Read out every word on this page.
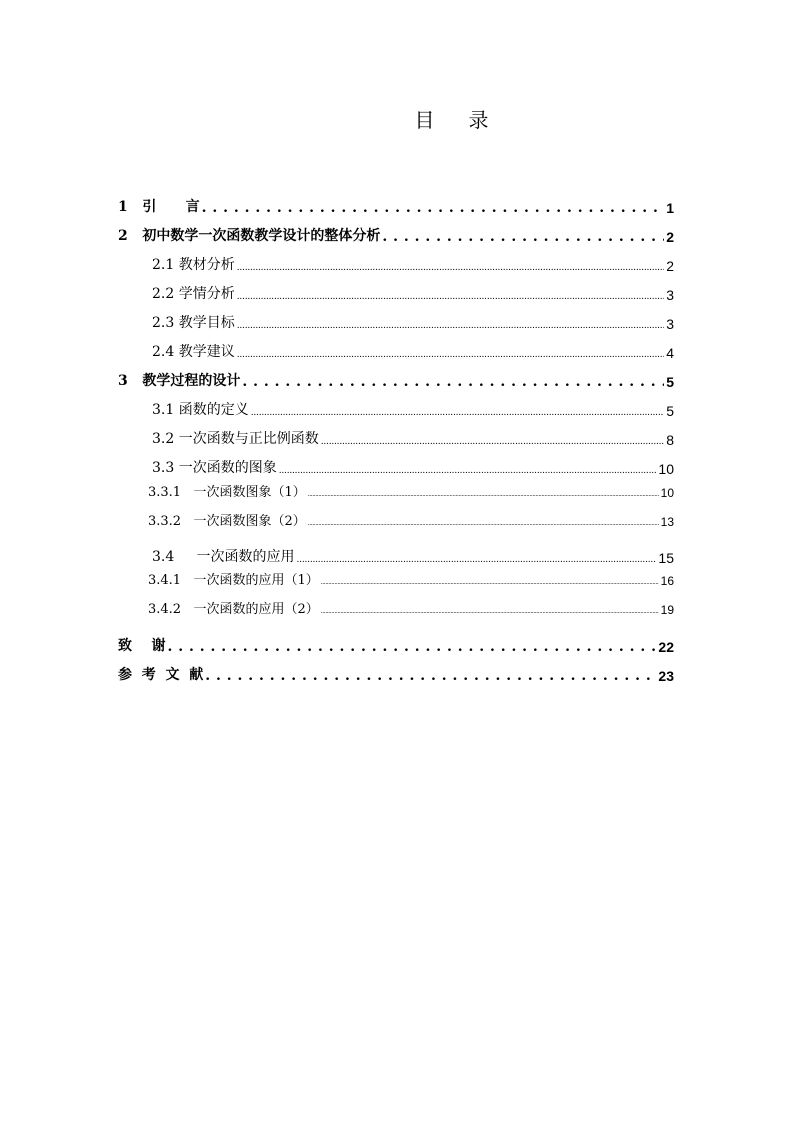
目 录
1   引      言 . . .	1
2   初中数学一次函数教学设计的整体分析 . . .	2
2.1 教材分析 .....	2
2.2 学情分析 .....	3
2.3 教学目标 .....	3
2.4 教学建议 .....	4
3   教学过程的设计 . . .	5
3.1 函数的定义 .....	5
3.2 一次函数与正比例函数 .....	8
3.3 一次函数的图象 .....	10
3.3.1   一次函数图象（1） .....	10
3.3.2   一次函数图象（2） .....	13
3.4     一次函数的应用 .....	15
3.4.1   一次函数的应用（1） .....	16
3.4.2   一次函数的应用（2） .....	19
致    谢 . . .	22
参  考  文  献 . . .	23
